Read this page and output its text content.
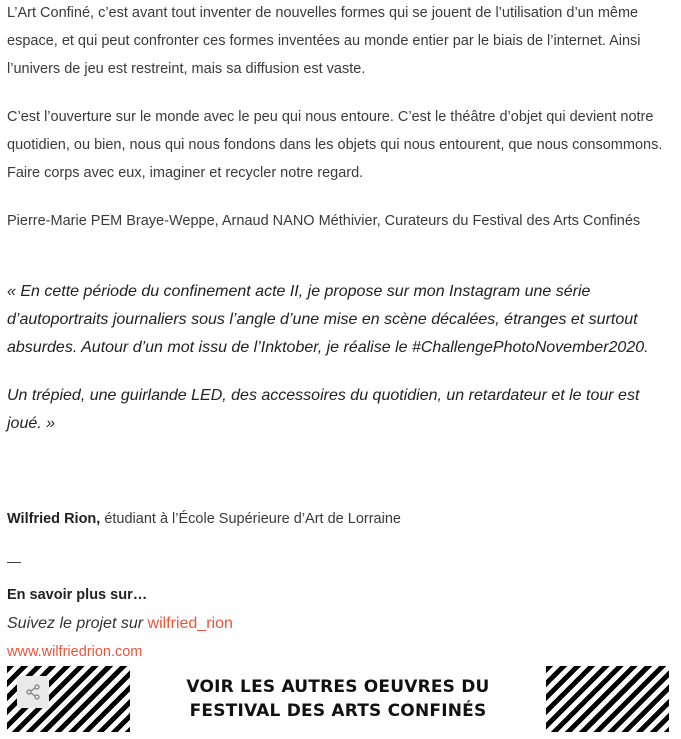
L’Art Confiné, c’est avant tout inventer de nouvelles formes qui se jouent de l’utilisation d’un même espace, et qui peut confronter ces formes inventées au monde entier par le biais de l’internet. Ainsi l’univers de jeu est restreint, mais sa diffusion est vaste.

C’est l’ouverture sur le monde avec le peu qui nous entoure. C’est le théâtre d’objet qui devient notre quotidien, ou bien, nous qui nous fondons dans les objets qui nous entourent, que nous consommons. Faire corps avec eux, imaginer et recycler notre regard.

Pierre-Marie PEM Braye-Weppe, Arnaud NANO Méthivier, Curateurs du Festival des Arts Confinés

« En cette période du confinement acte II, je propose sur mon Instagram une série d’autoportraits journaliers sous l’angle d’une mise en scène décalées, étranges et surtout absurdes. Autour d’un mot issu de l’Inktober, je réalise le #ChallengePhotoNovember2020.

Un trépied, une guirlande LED, des accessoires du quotidien, un retardateur et le tour est joué. »

Wilfried Rion, étudiant à l’École Supérieure d’Art de Lorraine

—

En savoir plus sur…

Suivez le projet sur wilfried_rion

www.wilfriedrion.com
VOIR LES AUTRES OEUVRES DU
FESTIVAL DES ARTS CONFINÉS
